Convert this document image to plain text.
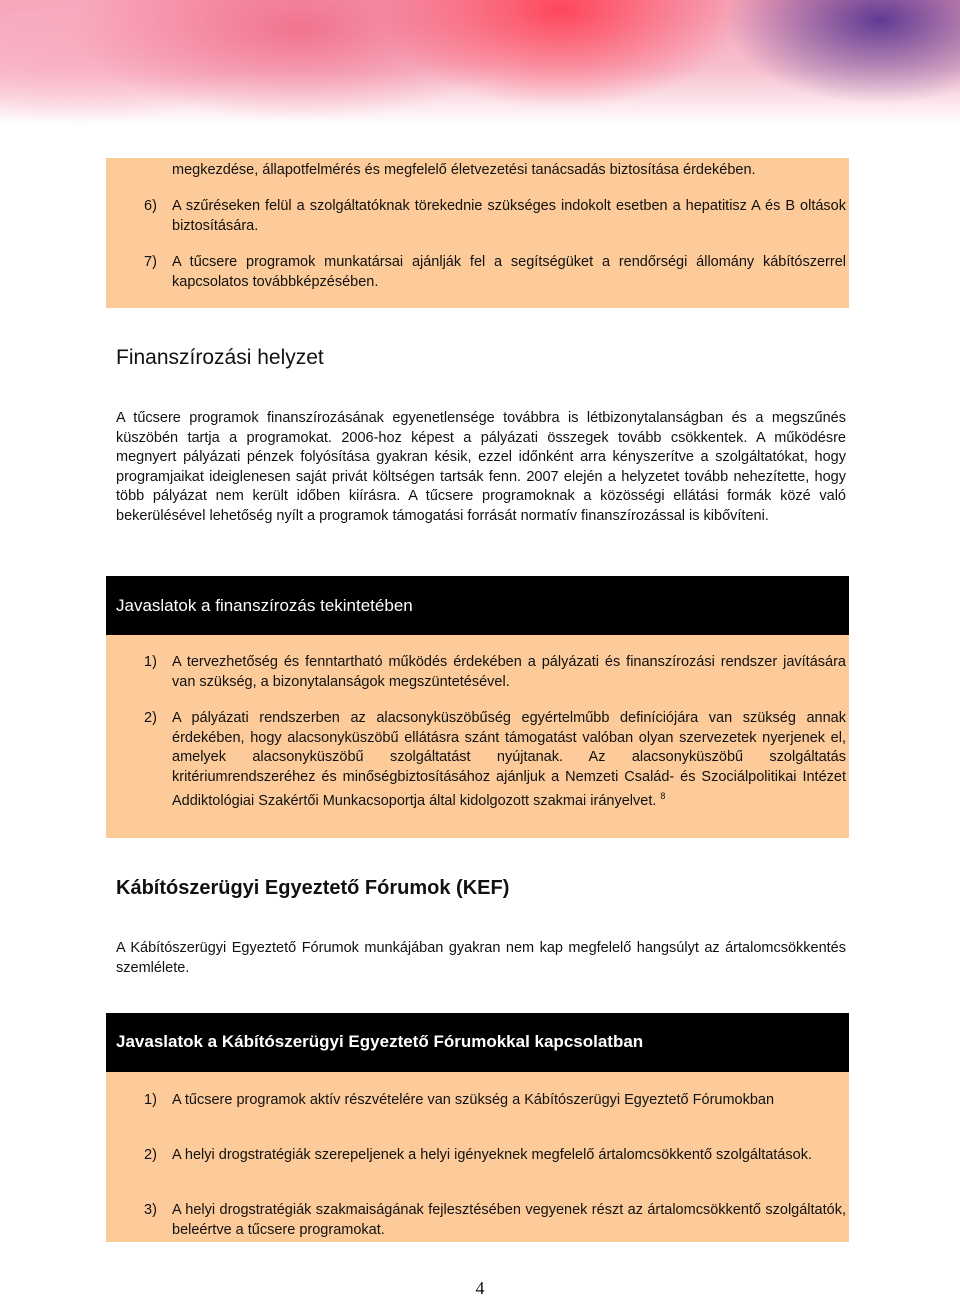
megkezdése, állapotfelmérés és megfelelő életvezetési tanácsadás biztosítása érdekében.
6) A szűréseken felül a szolgáltatóknak törekednie szükséges indokolt esetben a hepatitisz A és B oltások biztosítására.
7) A tűcsere programok munkatársai ajánlják fel a segítségüket a rendőrségi állomány kábítószerrel kapcsolatos továbbképzésében.
Finanszírozási helyzet
A tűcsere programok finanszírozásának egyenetlensége továbbra is létbizonytalanságban és a megszűnés küszöbén tartja a programokat. 2006-hoz képest a pályázati összegek tovább csökkentek. A működésre megnyert pályázati pénzek folyósítása gyakran késik, ezzel időnként arra kényszerítve a szolgáltatókat, hogy programjaikat ideiglenesen saját privát költségen tartsák fenn. 2007 elején a helyzetet tovább nehezítette, hogy több pályázat nem került időben kiírásra. A tűcsere programoknak a közösségi ellátási formák közé való bekerülésével lehetőség nyílt a programok támogatási forrását normatív finanszírozással is kibővíteni.
Javaslatok a finanszírozás tekintetében
1) A tervezhetőség és fenntartható működés érdekében a pályázati és finanszírozási rendszer javítására van szükség, a bizonytalanságok megszüntetésével.
2) A pályázati rendszerben az alacsonyküszöbűség egyértelműbb definíciójára van szükség annak érdekében, hogy alacsonyküszöbű ellátásra szánt támogatást valóban olyan szervezetek nyerjenek el, amelyek alacsonyküszöbű szolgáltatást nyújtanak. Az alacsonyküszöbű szolgáltatás kritériumrendszeréhez és minőségbiztosításához ajánljuk a Nemzeti Család- és Szociálpolitikai Intézet Addiktológiai Szakértői Munkacsoportja által kidolgozott szakmai irányelvet. $^8$
Kábítószerügyi Egyeztető Fórumok (KEF)
A Kábítószerügyi Egyeztető Fórumok munkájában gyakran nem kap megfelelő hangsúlyt az ártalomcsökkentés szemlélete.
Javaslatok a Kábítószerügyi Egyeztető Fórumokkal kapcsolatban
1) A tűcsere programok aktív részvételére van szükség a Kábítószerügyi Egyeztető Fórumokban
2) A helyi drogstratégiák szerepeljenek a helyi igényeknek megfelelő ártalomcsökkentő szolgáltatások.
3) A helyi drogstratégiák szakmaiságának fejlesztésében vegyenek részt az ártalomcsökkentő szolgáltatók, beleértve a tűcsere programokat.
4
